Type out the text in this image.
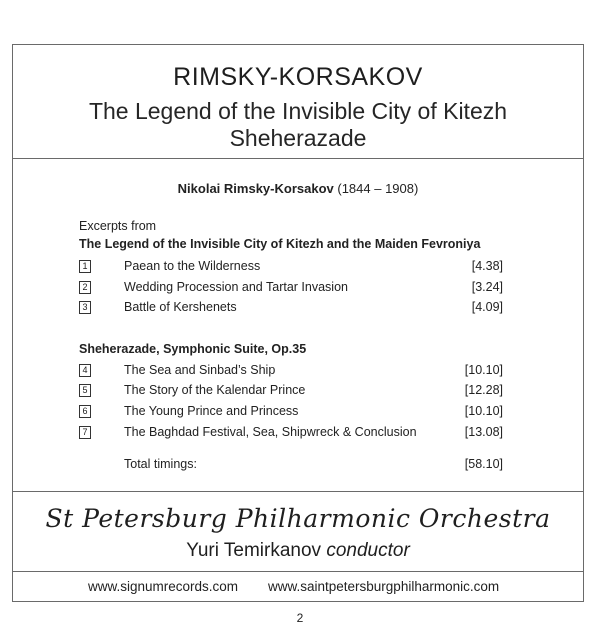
RIMSKY-KORSAKOV
The Legend of the Invisible City of Kitezh
Sheherazade
Nikolai Rimsky-Korsakov (1844 – 1908)
Excerpts from
The Legend of the Invisible City of Kitezh and the Maiden Fevroniya
1	Paean to the Wilderness	[4.38]
2	Wedding Procession and Tartar Invasion	[3.24]
3	Battle of Kershenets	[4.09]
Sheherazade, Symphonic Suite, Op.35
4	The Sea and Sinbad’s Ship	[10.10]
5	The Story of the Kalendar Prince	[12.28]
6	The Young Prince and Princess	[10.10]
7	The Baghdad Festival, Sea, Shipwreck & Conclusion	[13.08]
Total timings:	[58.10]
St Petersburg Philharmonic Orchestra
Yuri Temirkanov conductor
www.signumrecords.com www.saintpetersburgphilharmonic.com
2
